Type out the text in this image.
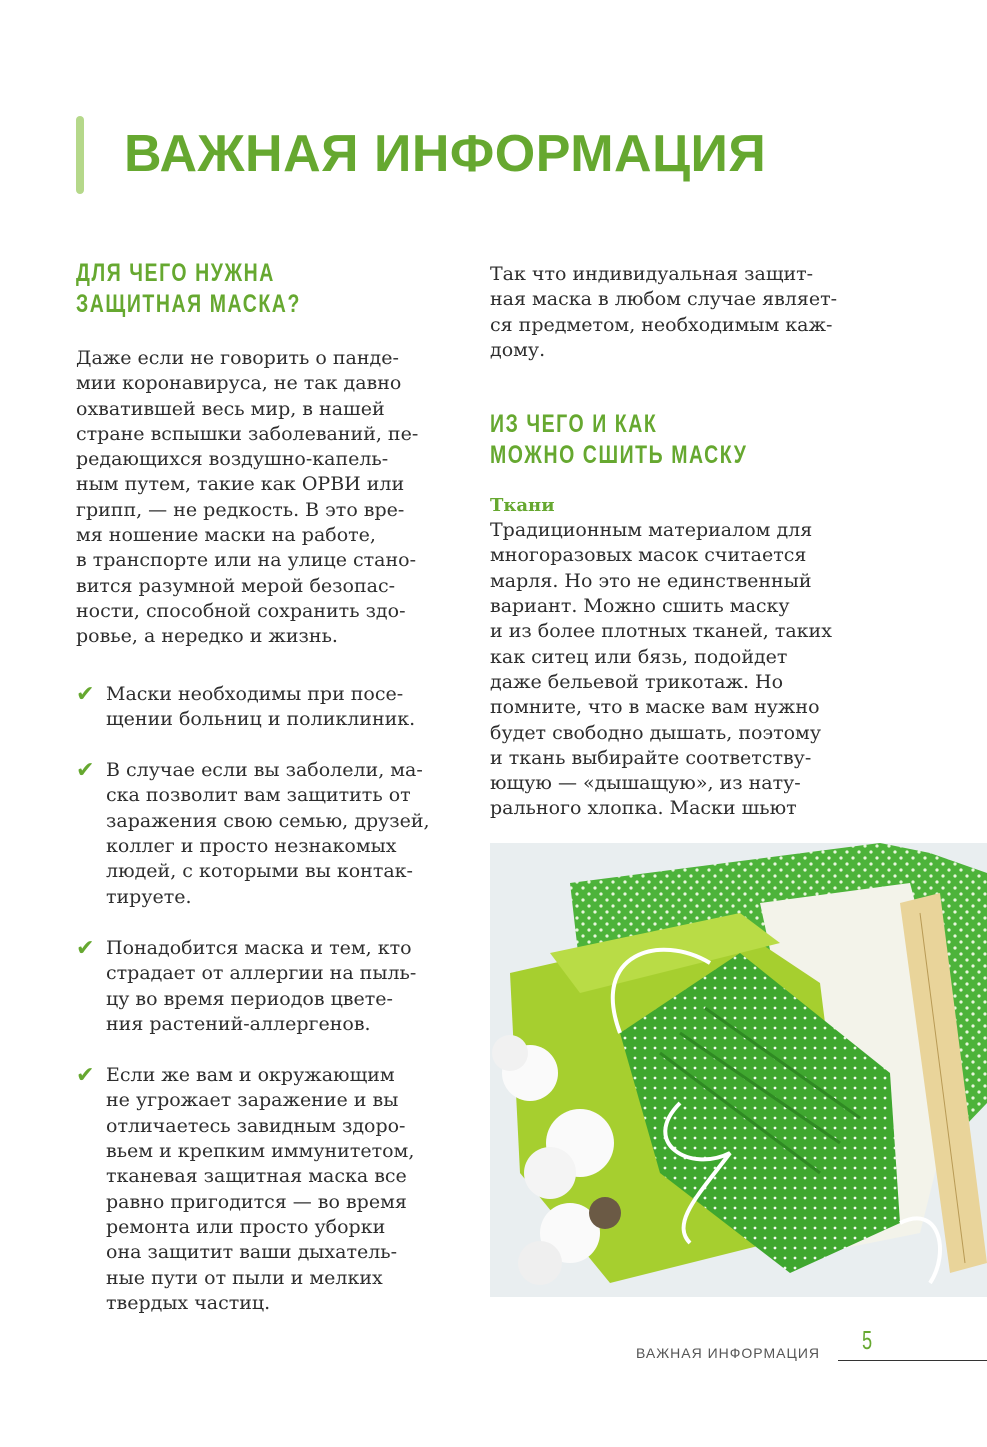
ВАЖНАЯ ИНФОРМАЦИЯ
ДЛЯ ЧЕГО НУЖНА
ЗАЩИТНАЯ МАСКА?

Даже если не говорить о панде-
мии коронавируса, не так давно
охватившей весь мир, в нашей
стране вспышки заболеваний, пе-
редающихся воздушно-капель-
ным путем, такие как ОРВИ или
грипп, — не редкость. В это вре-
мя ношение маски на работе,
в транспорте или на улице стано-
вится разумной мерой безопас-
ности, способной сохранить здо-
ровье, а нередко и жизнь.

✔ Маски необходимы при посе-
щении больниц и поликлиник.

✔ В случае если вы заболели, ма-
ска позволит вам защитить от
заражения свою семью, друзей,
коллег и просто незнакомых
людей, с которыми вы контак-
тируете.

✔ Понадобится маска и тем, кто
страдает от аллергии на пыль-
цу во время периодов цвете-
ния растений-аллергенов.

✔ Если же вам и окружающим
не угрожает заражение и вы
отличаетесь завидным здоро-
вьем и крепким иммунитетом,
тканевая защитная маска все
равно пригодится — во время
ремонта или просто уборки
она защитит ваши дыхатель-
ные пути от пыли и мелких
твердых частиц.

Так что индивидуальная защит-
ная маска в любом случае являет-
ся предметом, необходимым каж-
дому.

ИЗ ЧЕГО И КАК
МОЖНО СШИТЬ МАСКУ

Ткани

Традиционным материалом для
многоразовых масок считается
марля. Но это не единственный
вариант. Можно сшить маску
и из более плотных тканей, таких
как ситец или бязь, подойдет
даже бельевой трикотаж. Но
помните, что в маске вам нужно
будет свободно дышать, поэтому
и ткань выбирайте соответству-
ющую — «дышащую», из нату-
рального хлопка. Маски шьют

ВАЖНАЯ ИНФОРМАЦИЯ 5
